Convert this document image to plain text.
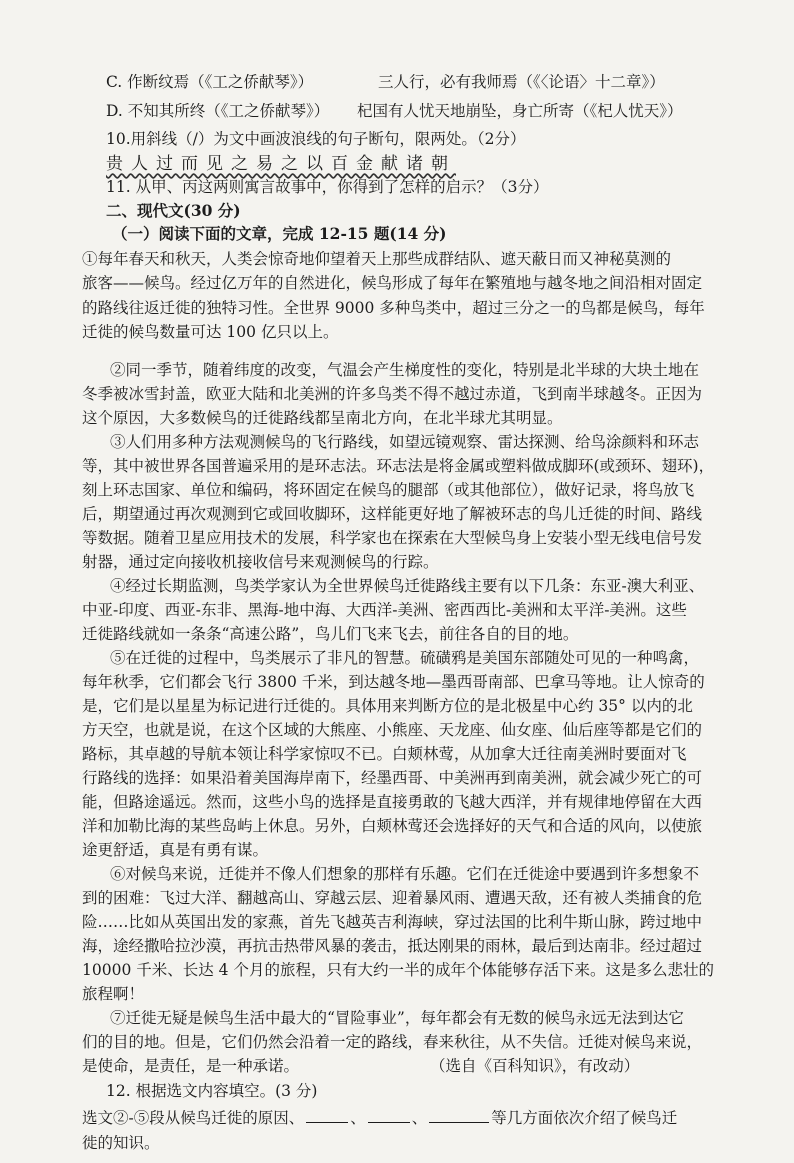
C. 作断纹焉（《工之侨献琴》）	三人行，必有我师焉（《〈论语〉十二章》）
D. 不知其所终（《工之侨献琴》） 杞国有人忧天地崩坠，身亡所寄（《杞人忧天》）
10.用斜线（/）为文中画波浪线的句子断句，限两处。（2分）
贵人过而见之易之以百金献诸朝
11. 从甲、丙这两则寓言故事中，你得到了怎样的启示？（3分）
二、现代文(30 分)
（一）阅读下面的文章，完成 12-15 题(14 分)
①每年春天和秋天，人类会惊奇地仰望着天上那些成群结队、遮天蔽日而又神秘莫测的
旅客——候鸟。经过亿万年的自然进化，候鸟形成了每年在繁殖地与越冬地之间沿相对固定
的路线往返迁徙的独特习性。全世界 9000 多种鸟类中，超过三分之一的鸟都是候鸟，每年
迁徙的候鸟数量可达 100 亿只以上。
②同一季节，随着纬度的改变，气温会产生梯度性的变化，特别是北半球的大块土地在
冬季被冰雪封盖，欧亚大陆和北美洲的许多鸟类不得不越过赤道，飞到南半球越冬。正因为
这个原因，大多数候鸟的迁徙路线都呈南北方向，在北半球尤其明显。
③人们用多种方法观测候鸟的飞行路线，如望远镜观察、雷达探测、给鸟涂颜料和环志
等，其中被世界各国普遍采用的是环志法。环志法是将金属或塑料做成脚环(或颈环、翅环)，
刻上环志国家、单位和编码，将环固定在候鸟的腿部（或其他部位），做好记录，将鸟放飞
后，期望通过再次观测到它或回收脚环，这样能更好地了解被环志的鸟儿迁徙的时间、路线
等数据。随着卫星应用技术的发展，科学家也在探索在大型候鸟身上安装小型无线电信号发
射器，通过定向接收机接收信号来观测候鸟的行踪。
④经过长期监测，鸟类学家认为全世界候鸟迁徙路线主要有以下几条：东亚-澳大利亚、
中亚-印度、西亚-东非、黑海-地中海、大西洋-美洲、密西西比-美洲和太平洋-美洲。这些
迁徙路线就如一条条“高速公路”，鸟儿们飞来飞去，前往各自的目的地。
⑤在迁徙的过程中，鸟类展示了非凡的智慧。硫磺鸦是美国东部随处可见的一种鸣禽，
每年秋季，它们都会飞行 3800 千米，到达越冬地—墨西哥南部、巴拿马等地。让人惊奇的
是，它们是以星星为标记进行迁徙的。具体用来判断方位的是北极星中心约 35° 以内的北
方天空，也就是说，在这个区域的大熊座、小熊座、天龙座、仙女座、仙后座等都是它们的
路标，其卓越的导航本领让科学家惊叹不已。白颊林莺，从加拿大迁往南美洲时要面对飞
行路线的选择：如果沿着美国海岸南下，经墨西哥、中美洲再到南美洲，就会减少死亡的可
能，但路途遥远。然而，这些小鸟的选择是直接勇敢的飞越大西洋，并有规律地停留在大西
洋和加勒比海的某些岛屿上休息。另外，白颊林莺还会选择好的天气和合适的风向，以使旅
途更舒适，真是有勇有谋。
⑥对候鸟来说，迁徙并不像人们想象的那样有乐趣。它们在迁徙途中要遇到许多想象不
到的困难：飞过大洋、翻越高山、穿越云层、迎着暴风雨、遭遇天敌，还有被人类捕食的危
险……比如从英国出发的家燕，首先飞越英吉利海峡，穿过法国的比利牛斯山脉，跨过地中
海，途经撒哈拉沙漠，再抗击热带风暴的袭击，抵达刚果的雨林，最后到达南非。经过超过
10000 千米、长达 4 个月的旅程，只有大约一半的成年个体能够存活下来。这是多么悲壮的
旅程啊！
⑦迁徙无疑是候鸟生活中最大的“冒险事业”，每年都会有无数的候鸟永远无法到达它
们的目的地。但是，它们仍然会沿着一定的路线，春来秋往，从不失信。迁徙对候鸟来说，
是使命，是责任，是一种承诺。	（选自《百科知识》，有改动）
12. 根据选文内容填空。(3 分)
选文②-⑤段从候鸟迁徙的原因、	、	、	等几方面依次介绍了候鸟迁
徙的知识。
